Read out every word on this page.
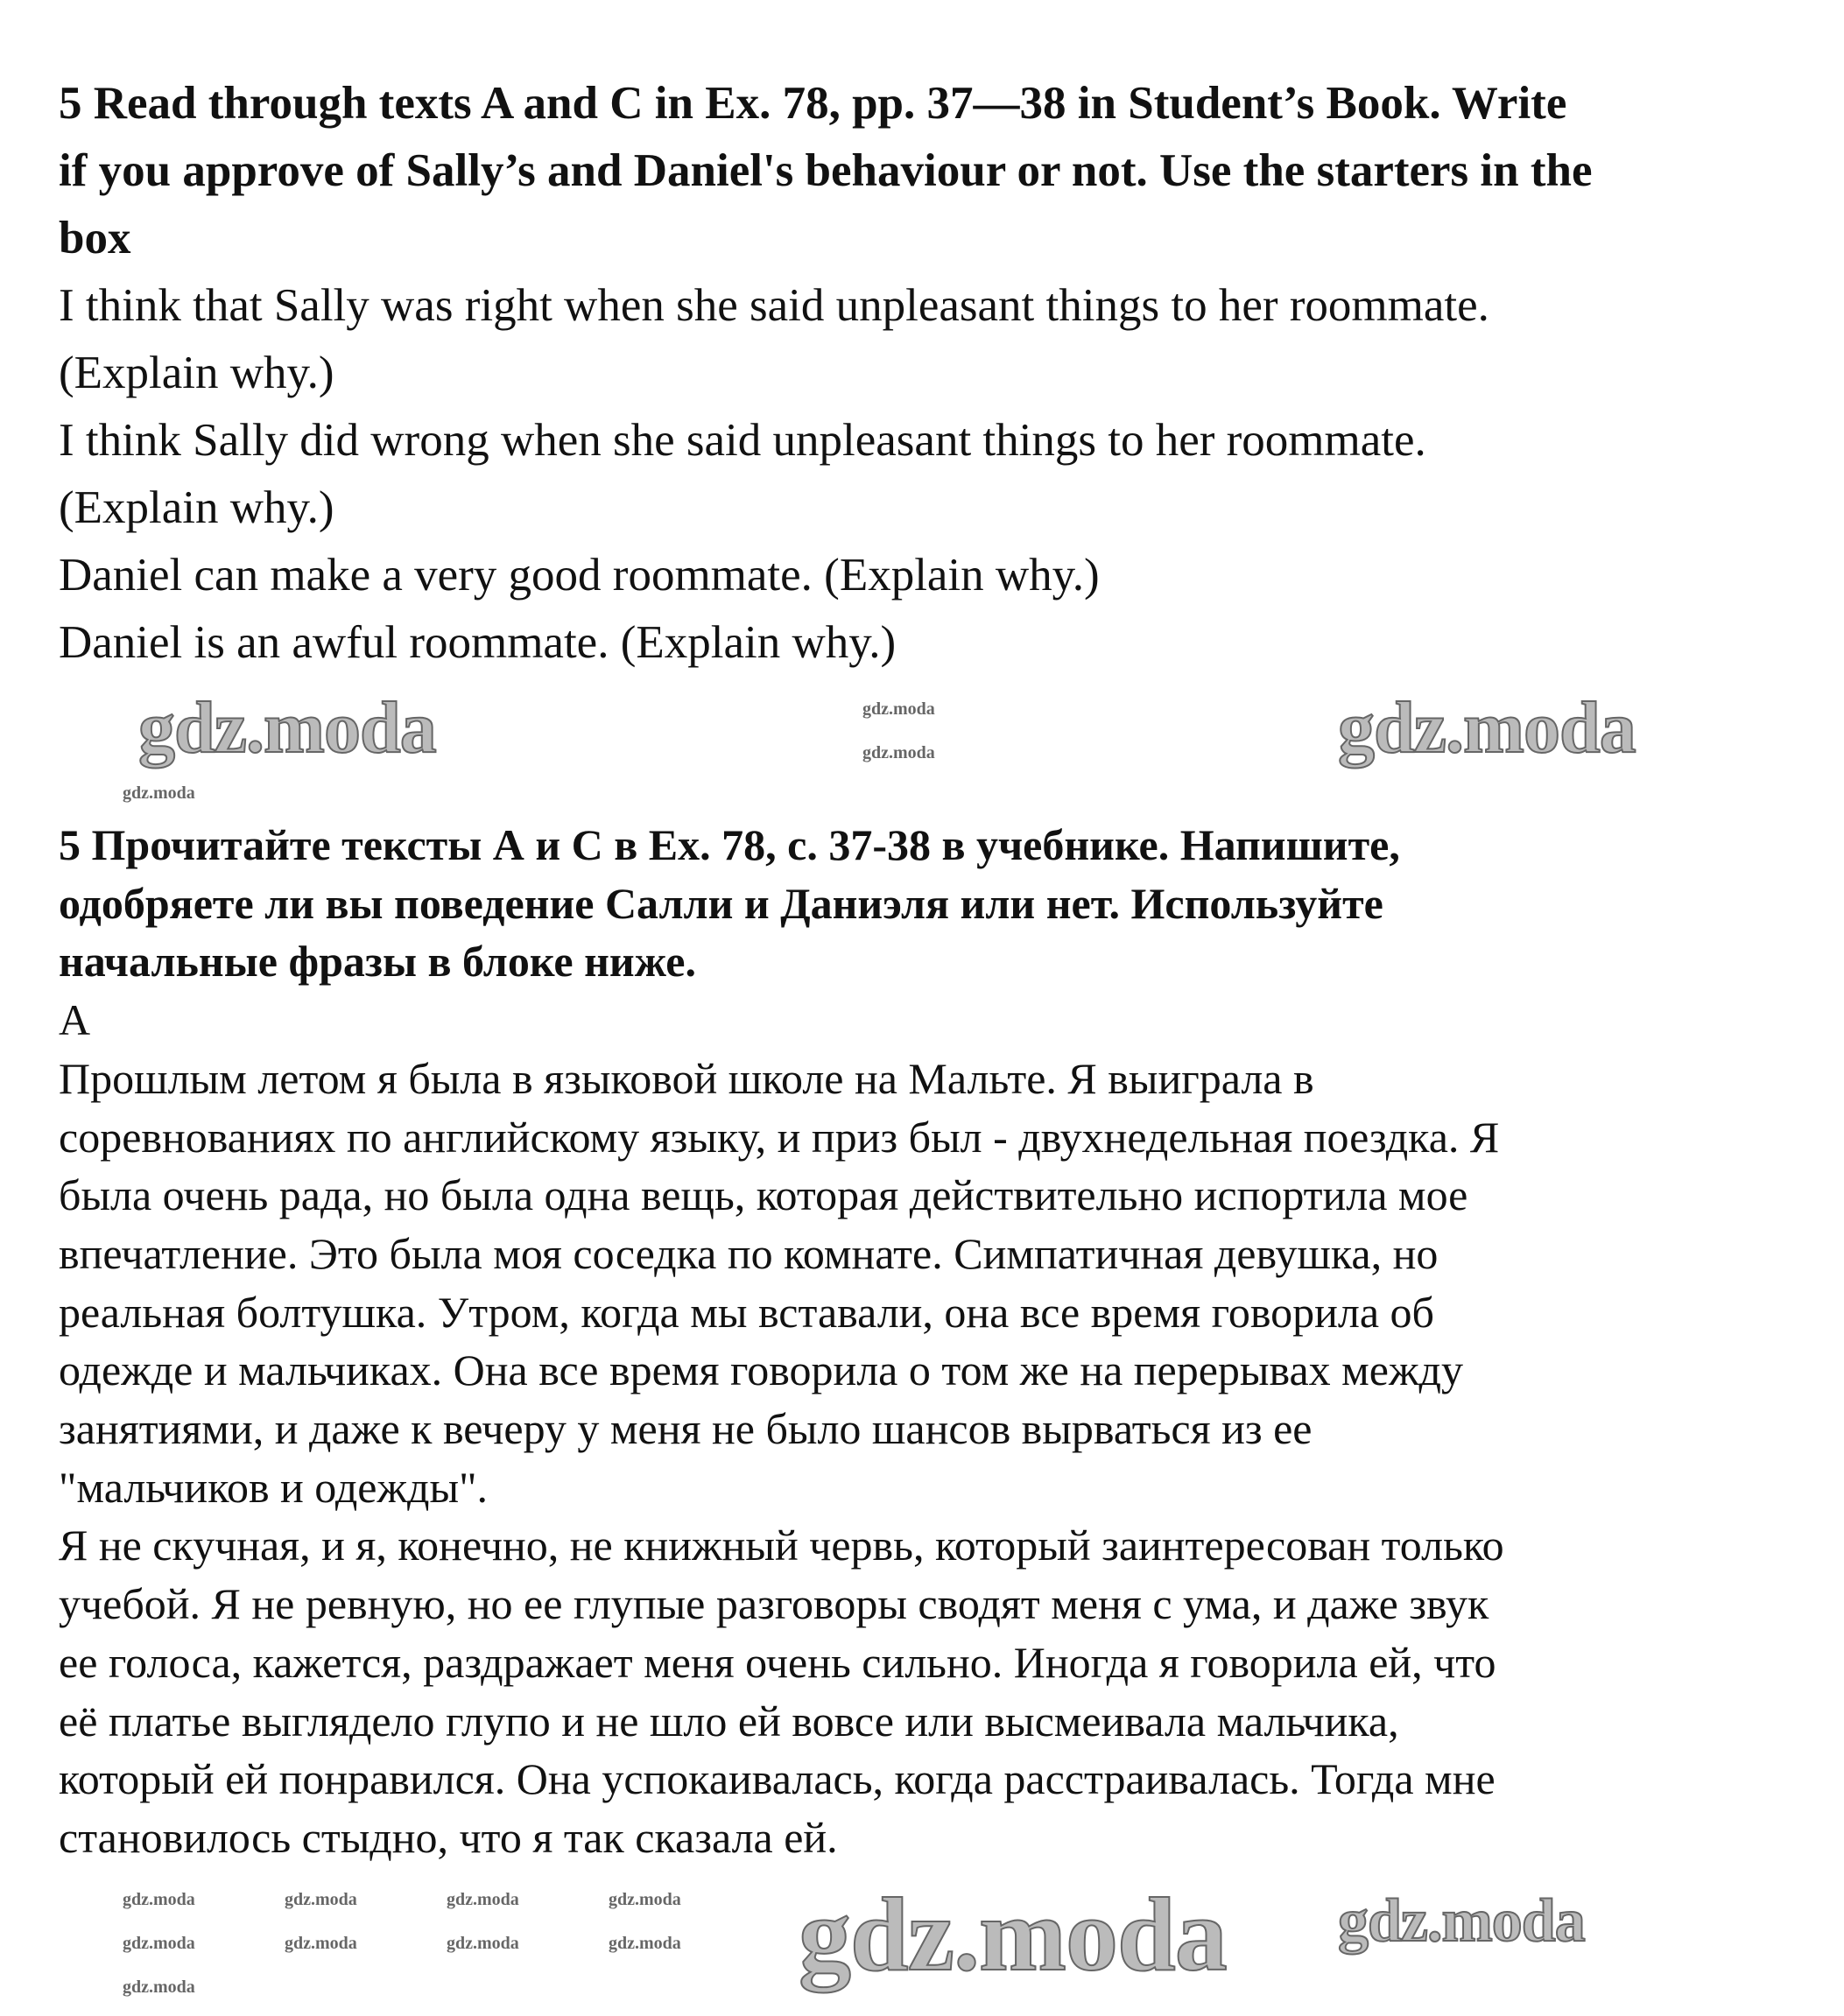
5 Read through texts A and C in Ex. 78, pp. 37—38 in Student’s Book. Write
if you approve of Sally’s and Daniel's behaviour or not. Use the starters in the
box
I think that Sally was right when she said unpleasant things to her roommate.
(Explain why.)
I think Sally did wrong when she said unpleasant things to her roommate.
(Explain why.)
Daniel can make a very good roommate. (Explain why.)
Daniel is an awful roommate. (Explain why.)
5 Прочитайте тексты А и С в Ex. 78, с. 37-38 в учебнике. Напишите,
одобряете ли вы поведение Салли и Даниэля или нет. Используйте
начальные фразы в блоке ниже.
А
Прошлым летом я была в языковой школе на Мальте. Я выиграла в
соревнованиях по английскому языку, и приз был - двухнедельная поездка. Я
была очень рада, но была одна вещь, которая действительно испортила мое
впечатление. Это была моя соседка по комнате. Симпатичная девушка, но
реальная болтушка. Утром, когда мы вставали, она все время говорила об
одежде и мальчиках. Она все время говорила о том же на перерывах между
занятиями, и даже к вечеру у меня не было шансов вырваться из ее
"мальчиков и одежды".
Я не скучная, и я, конечно, не книжный червь, который заинтересован только
учебой. Я не ревную, но ее глупые разговоры сводят меня с ума, и даже звук
ее голоса, кажется, раздражает меня очень сильно. Иногда я говорила ей, что
её платье выглядело глупо и не шло ей вовсе или высмеивала мальчика,
который ей понравился. Она успокаивалась, когда расстраивалась. Тогда мне
становилось стыдно, что я так сказала ей.
gdz.moda	gdz.moda
gdz.moda gdz.moda
gdz.moda
gdz.moda
gdz.moda
gdz.moda
gdz.moda
gdz.moda
gdz.moda	gdz.moda	gdz.moda
gdz.moda	gdz.moda	gdz.moda
